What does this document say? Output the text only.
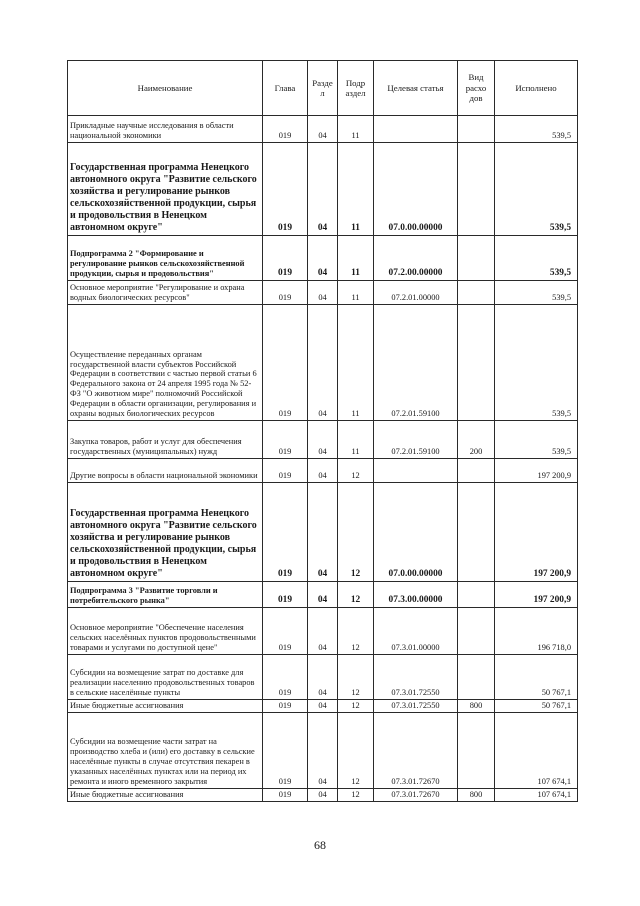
Наименование	Глава	Разде л	Подр аздел	Целевая статья	Вид расхо дов	Исполнено
Прикладные научные исследования в области национальной экономики	019	04	11			539,5
Государственная программа Ненецкого автономного округа "Развитие сельского хозяйства и регулирование рынков сельскохозяйственной продукции, сырья и продовольствия в Ненецком автономном округе"	019	04	11	07.0.00.00000		539,5
Подпрограмма 2 "Формирование и регулирование рынков сельскохозяйственной продукции, сырья и продовольствия"	019	04	11	07.2.00.00000		539,5
Основное мероприятие "Регулирование и охрана водных биологических ресурсов"	019	04	11	07.2.01.00000		539,5
Осуществление переданных органам государственной власти субъектов Российской Федерации в соответствии с частью первой статьи 6 Федерального закона от 24 апреля 1995 года № 52-ФЗ "О животном мире" полномочий Российской Федерации в области организации, регулирования и охраны водных биологических ресурсов	019	04	11	07.2.01.59100		539,5
Закупка товаров, работ и услуг для обеспечения государственных (муниципальных) нужд	019	04	11	07.2.01.59100	200	539,5
Другие вопросы в области национальной экономики	019	04	12			197 200,9
Государственная программа Ненецкого автономного округа "Развитие сельского хозяйства и регулирование рынков сельскохозяйственной продукции, сырья и продовольствия в Ненецком автономном округе"	019	04	12	07.0.00.00000		197 200,9
Подпрограмма 3 "Развитие торговли и потребительского рынка"	019	04	12	07.3.00.00000		197 200,9
Основное мероприятие "Обеспечение населения сельских населённых пунктов продовольственными товарами и услугами по доступной цене"	019	04	12	07.3.01.00000		196 718,0
Субсидии на возмещение затрат по доставке для реализации населению продовольственных товаров в сельские населённые пункты	019	04	12	07.3.01.72550		50 767,1
Иные бюджетные ассигнования	019	04	12	07.3.01.72550	800	50 767,1
Субсидии на возмещение части затрат на производство хлеба и (или) его доставку в сельские населённые пункты в случае отсутствия пекарен в указанных населённых пунктах или на период их ремонта и иного временного закрытия	019	04	12	07.3.01.72670		107 674,1
Иные бюджетные ассигнования	019	04	12	07.3.01.72670	800	107 674,1
68
